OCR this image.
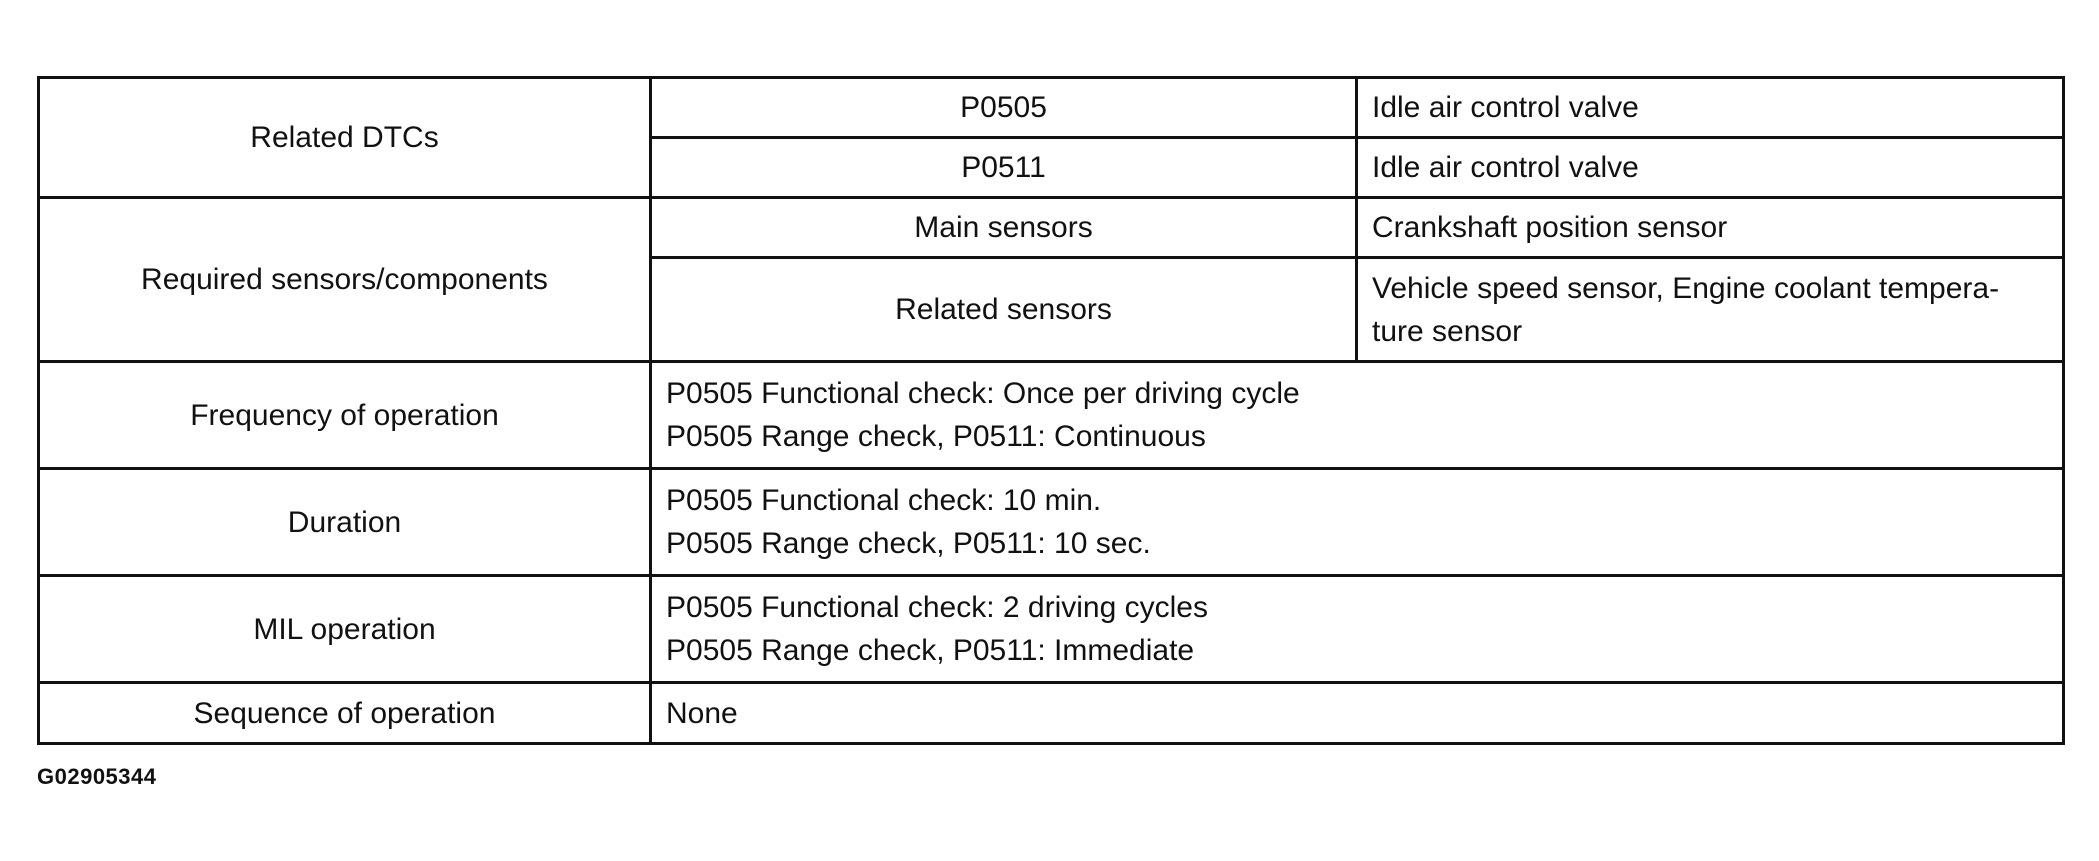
Related DTCs	P0505	Idle air control valve
	P0511	Idle air control valve
Required sensors/components	Main sensors	Crankshaft position sensor
	Related sensors	Vehicle speed sensor, Engine coolant tempera-
ture sensor

Frequency of operation	P0505 Functional check: Once per driving cycle
P0505 Range check, P0511: Continuous	

Duration	P0505 Functional check: 10 min.
P0505 Range check, P0511: 10 sec.	

MIL operation	P0505 Functional check: 2 driving cycles
P0505 Range check, P0511: Immediate	

Sequence of operation	None	
G02905344
